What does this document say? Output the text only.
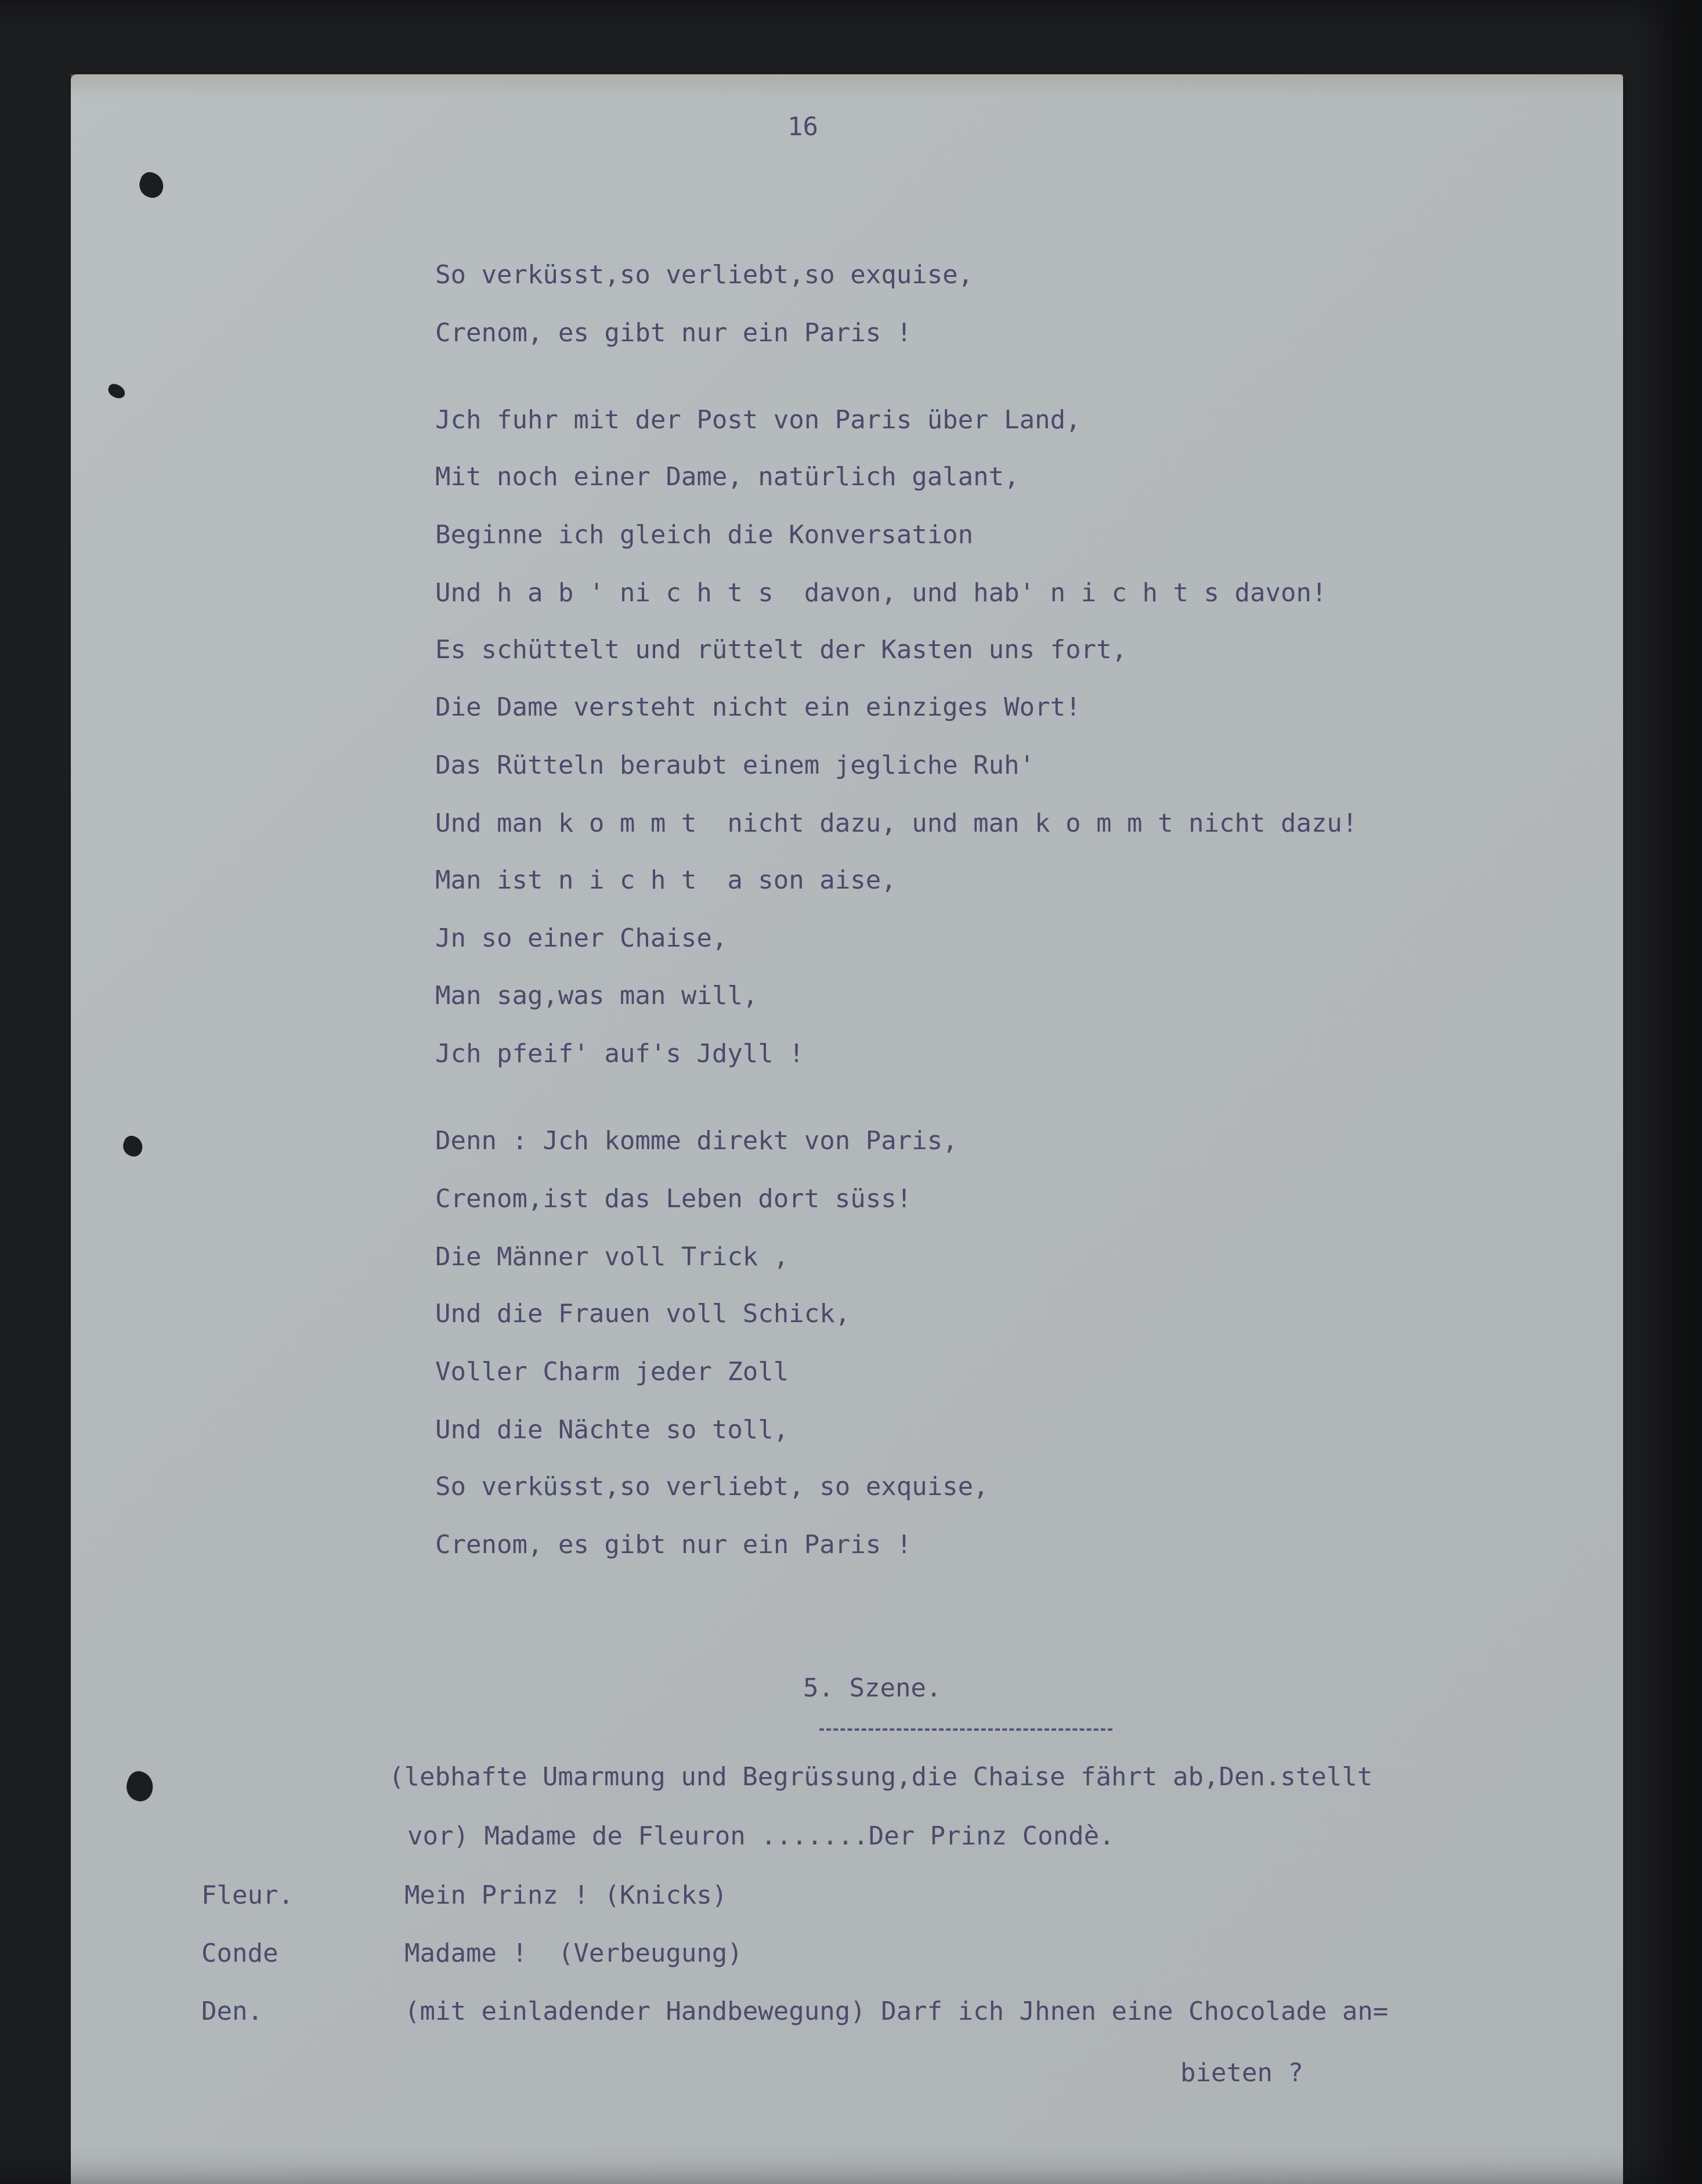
16
So verküsst,so verliebt,so exquise,
Crenom, es gibt nur ein Paris !
Jch fuhr mit der Post von Paris über Land,
Mit noch einer Dame, natürlich galant,
Beginne ich gleich die Konversation
Und h a b ' ni c h t s  davon, und hab' n i c h t s davon!
Es schüttelt und rüttelt der Kasten uns fort,
Die Dame versteht nicht ein einziges Wort!
Das Rütteln beraubt einem jegliche Ruh'
Und man k o m m t  nicht dazu, und man k o m m t nicht dazu!
Man ist n i c h t  a son aise,
Jn so einer Chaise,
Man sag,was man will,
Jch pfeif' auf's Jdyll !
Denn : Jch komme direkt von Paris,
Crenom,ist das Leben dort süss!
Die Männer voll Trick ,
Und die Frauen voll Schick,
Voller Charm jeder Zoll
Und die Nächte so toll,
So verküsst,so verliebt, so exquise,
Crenom, es gibt nur ein Paris !
5. Szene.
(lebhafte Umarmung und Begrüssung,die Chaise fährt ab,Den.stellt
vor) Madame de Fleuron .......Der Prinz Condè.
Fleur.	Mein Prinz ! (Knicks)
Conde	Madame !  (Verbeugung)
Den.	(mit einladender Handbewegung) Darf ich Jhnen eine Chocolade an=
bieten ?
